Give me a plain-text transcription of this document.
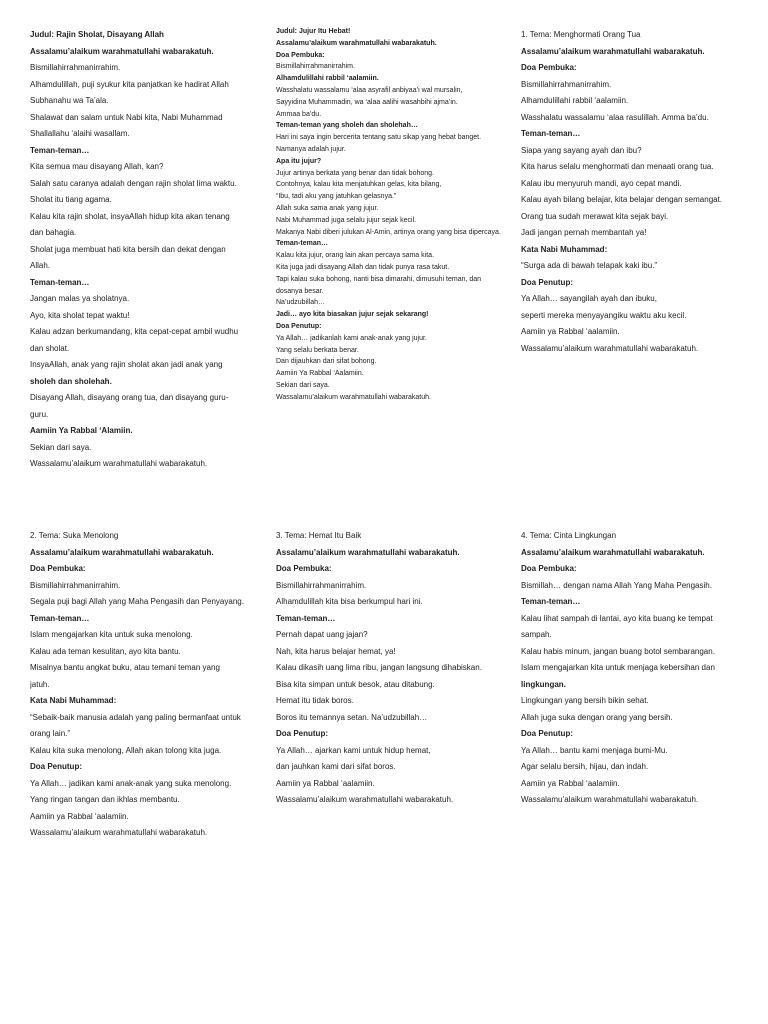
Judul: Rajin Sholat, Disayang Allah
Assalamu’alaikum warahmatullahi wabarakatuh.
Bismillahirrahmanirrahim.
Alhamdulillah, puji syukur kita panjatkan ke hadirat Allah
Subhanahu wa Ta’ala.
Shalawat dan salam untuk Nabi kita, Nabi Muhammad
Shallallahu ‘alaihi wasallam.
Teman-teman…
Kita semua mau disayang Allah, kan?
Salah satu caranya adalah dengan rajin sholat lima waktu.
Sholat itu tiang agama.
Kalau kita rajin sholat, insyaAllah hidup kita akan tenang
dan bahagia.
Sholat juga membuat hati kita bersih dan dekat dengan
Allah.
Teman-teman…
Jangan malas ya sholatnya.
Ayo, kita sholat tepat waktu!
Kalau adzan berkumandang, kita cepat-cepat ambil wudhu
dan sholat.
InsyaAllah, anak yang rajin sholat akan jadi anak yang
sholeh dan sholehah.
Disayang Allah, disayang orang tua, dan disayang guru-
guru.
Aamiin Ya Rabbal ‘Alamiin.
Sekian dari saya.
Wassalamu’alaikum warahmatullahi wabarakatuh.
Judul: Jujur Itu Hebat!
Assalamu’alaikum warahmatullahi wabarakatuh.
Doa Pembuka:
Bismillahirrahmanirrahim.
Alhamdulillahi rabbil ‘aalamiin.
Wasshalatu wassalamu ‘alaa asyrafil anbiyaa’i wal mursalin,
Sayyidina Muhammadin, wa ‘alaa aalihi wasahbihi ajma’in.
Ammaa ba’du.
Teman-teman yang sholeh dan sholehah…
Hari ini saya ingin bercerita tentang satu sikap yang hebat banget.
Namanya adalah jujur.
Apa itu jujur?
Jujur artinya berkata yang benar dan tidak bohong.
Contohnya, kalau kita menjatuhkan gelas, kita bilang,
“Ibu, tadi aku yang jatuhkan gelasnya.”
Allah suka sama anak yang jujur.
Nabi Muhammad juga selalu jujur sejak kecil.
Makanya Nabi diberi julukan Al-Amin, artinya orang yang bisa dipercaya.
Teman-teman…
Kalau kita jujur, orang lain akan percaya sama kita.
Kita juga jadi disayang Allah dan tidak punya rasa takut.
Tapi kalau suka bohong, nanti bisa dimarahi, dimusuhi teman, dan
dosanya besar.
Na’udzubillah…
Jadi… ayo kita biasakan jujur sejak sekarang!
Doa Penutup:
Ya Allah… jadikanlah kami anak-anak yang jujur.
Yang selalu berkata benar.
Dan dijauhkan dari sifat bohong.
Aamiin Ya Rabbal ‘Aalamiin.
Sekian dari saya.
Wassalamu’alaikum warahmatullahi wabarakatuh.
1. Tema: Menghormati Orang Tua
Assalamu’alaikum warahmatullahi wabarakatuh.
Doa Pembuka:
Bismillahirrahmanirrahim.
Alhamdulillahi rabbil ‘aalamiin.
Wasshalatu wassalamu ‘alaa rasulillah. Amma ba’du.
Teman-teman…
Siapa yang sayang ayah dan ibu?
Kita harus selalu menghormati dan menaati orang tua.
Kalau ibu menyuruh mandi, ayo cepat mandi.
Kalau ayah bilang belajar, kita belajar dengan semangat.
Orang tua sudah merawat kita sejak bayi.
Jadi jangan pernah membantah ya!
Kata Nabi Muhammad:
“Surga ada di bawah telapak kaki ibu.”
Doa Penutup:
Ya Allah… sayangilah ayah dan ibuku,
seperti mereka menyayangiku waktu aku kecil.
Aamiin ya Rabbal ‘aalamiin.
Wassalamu’alaikum warahmatullahi wabarakatuh.
2. Tema: Suka Menolong
Assalamu’alaikum warahmatullahi wabarakatuh.
Doa Pembuka:
Bismillahirrahmanirrahim.
Segala puji bagi Allah yang Maha Pengasih dan Penyayang.
Teman-teman…
Islam mengajarkan kita untuk suka menolong.
Kalau ada teman kesulitan, ayo kita bantu.
Misalnya bantu angkat buku, atau temani teman yang
jatuh.
Kata Nabi Muhammad:
“Sebaik-baik manusia adalah yang paling bermanfaat untuk
orang lain.”
Kalau kita suka menolong, Allah akan tolong kita juga.
Doa Penutup:
Ya Allah… jadikan kami anak-anak yang suka menolong.
Yang ringan tangan dan ikhlas membantu.
Aamiin ya Rabbal ‘aalamiin.
Wassalamu’alaikum warahmatullahi wabarakatuh.
3. Tema: Hemat Itu Baik
Assalamu’alaikum warahmatullahi wabarakatuh.
Doa Pembuka:
Bismillahirrahmanirrahim.
Alhamdulillah kita bisa berkumpul hari ini.
Teman-teman…
Pernah dapat uang jajan?
Nah, kita harus belajar hemat, ya!
Kalau dikasih uang lima ribu, jangan langsung dihabiskan.
Bisa kita simpan untuk besok, atau ditabung.
Hemat itu tidak boros.
Boros itu temannya setan. Na’udzubillah…
Doa Penutup:
Ya Allah… ajarkan kami untuk hidup hemat,
dan jauhkan kami dari sifat boros.
Aamiin ya Rabbal ‘aalamiin.
Wassalamu’alaikum warahmatullahi wabarakatuh.
4. Tema: Cinta Lingkungan
Assalamu’alaikum warahmatullahi wabarakatuh.
Doa Pembuka:
Bismillah… dengan nama Allah Yang Maha Pengasih.
Teman-teman…
Kalau lihat sampah di lantai, ayo kita buang ke tempat
sampah.
Kalau habis minum, jangan buang botol sembarangan.
Islam mengajarkan kita untuk menjaga kebersihan dan
lingkungan.
Lingkungan yang bersih bikin sehat.
Allah juga suka dengan orang yang bersih.
Doa Penutup:
Ya Allah… bantu kami menjaga bumi-Mu.
Agar selalu bersih, hijau, dan indah.
Aamiin ya Rabbal ‘aalamiin.
Wassalamu’alaikum warahmatullahi wabarakatuh.
